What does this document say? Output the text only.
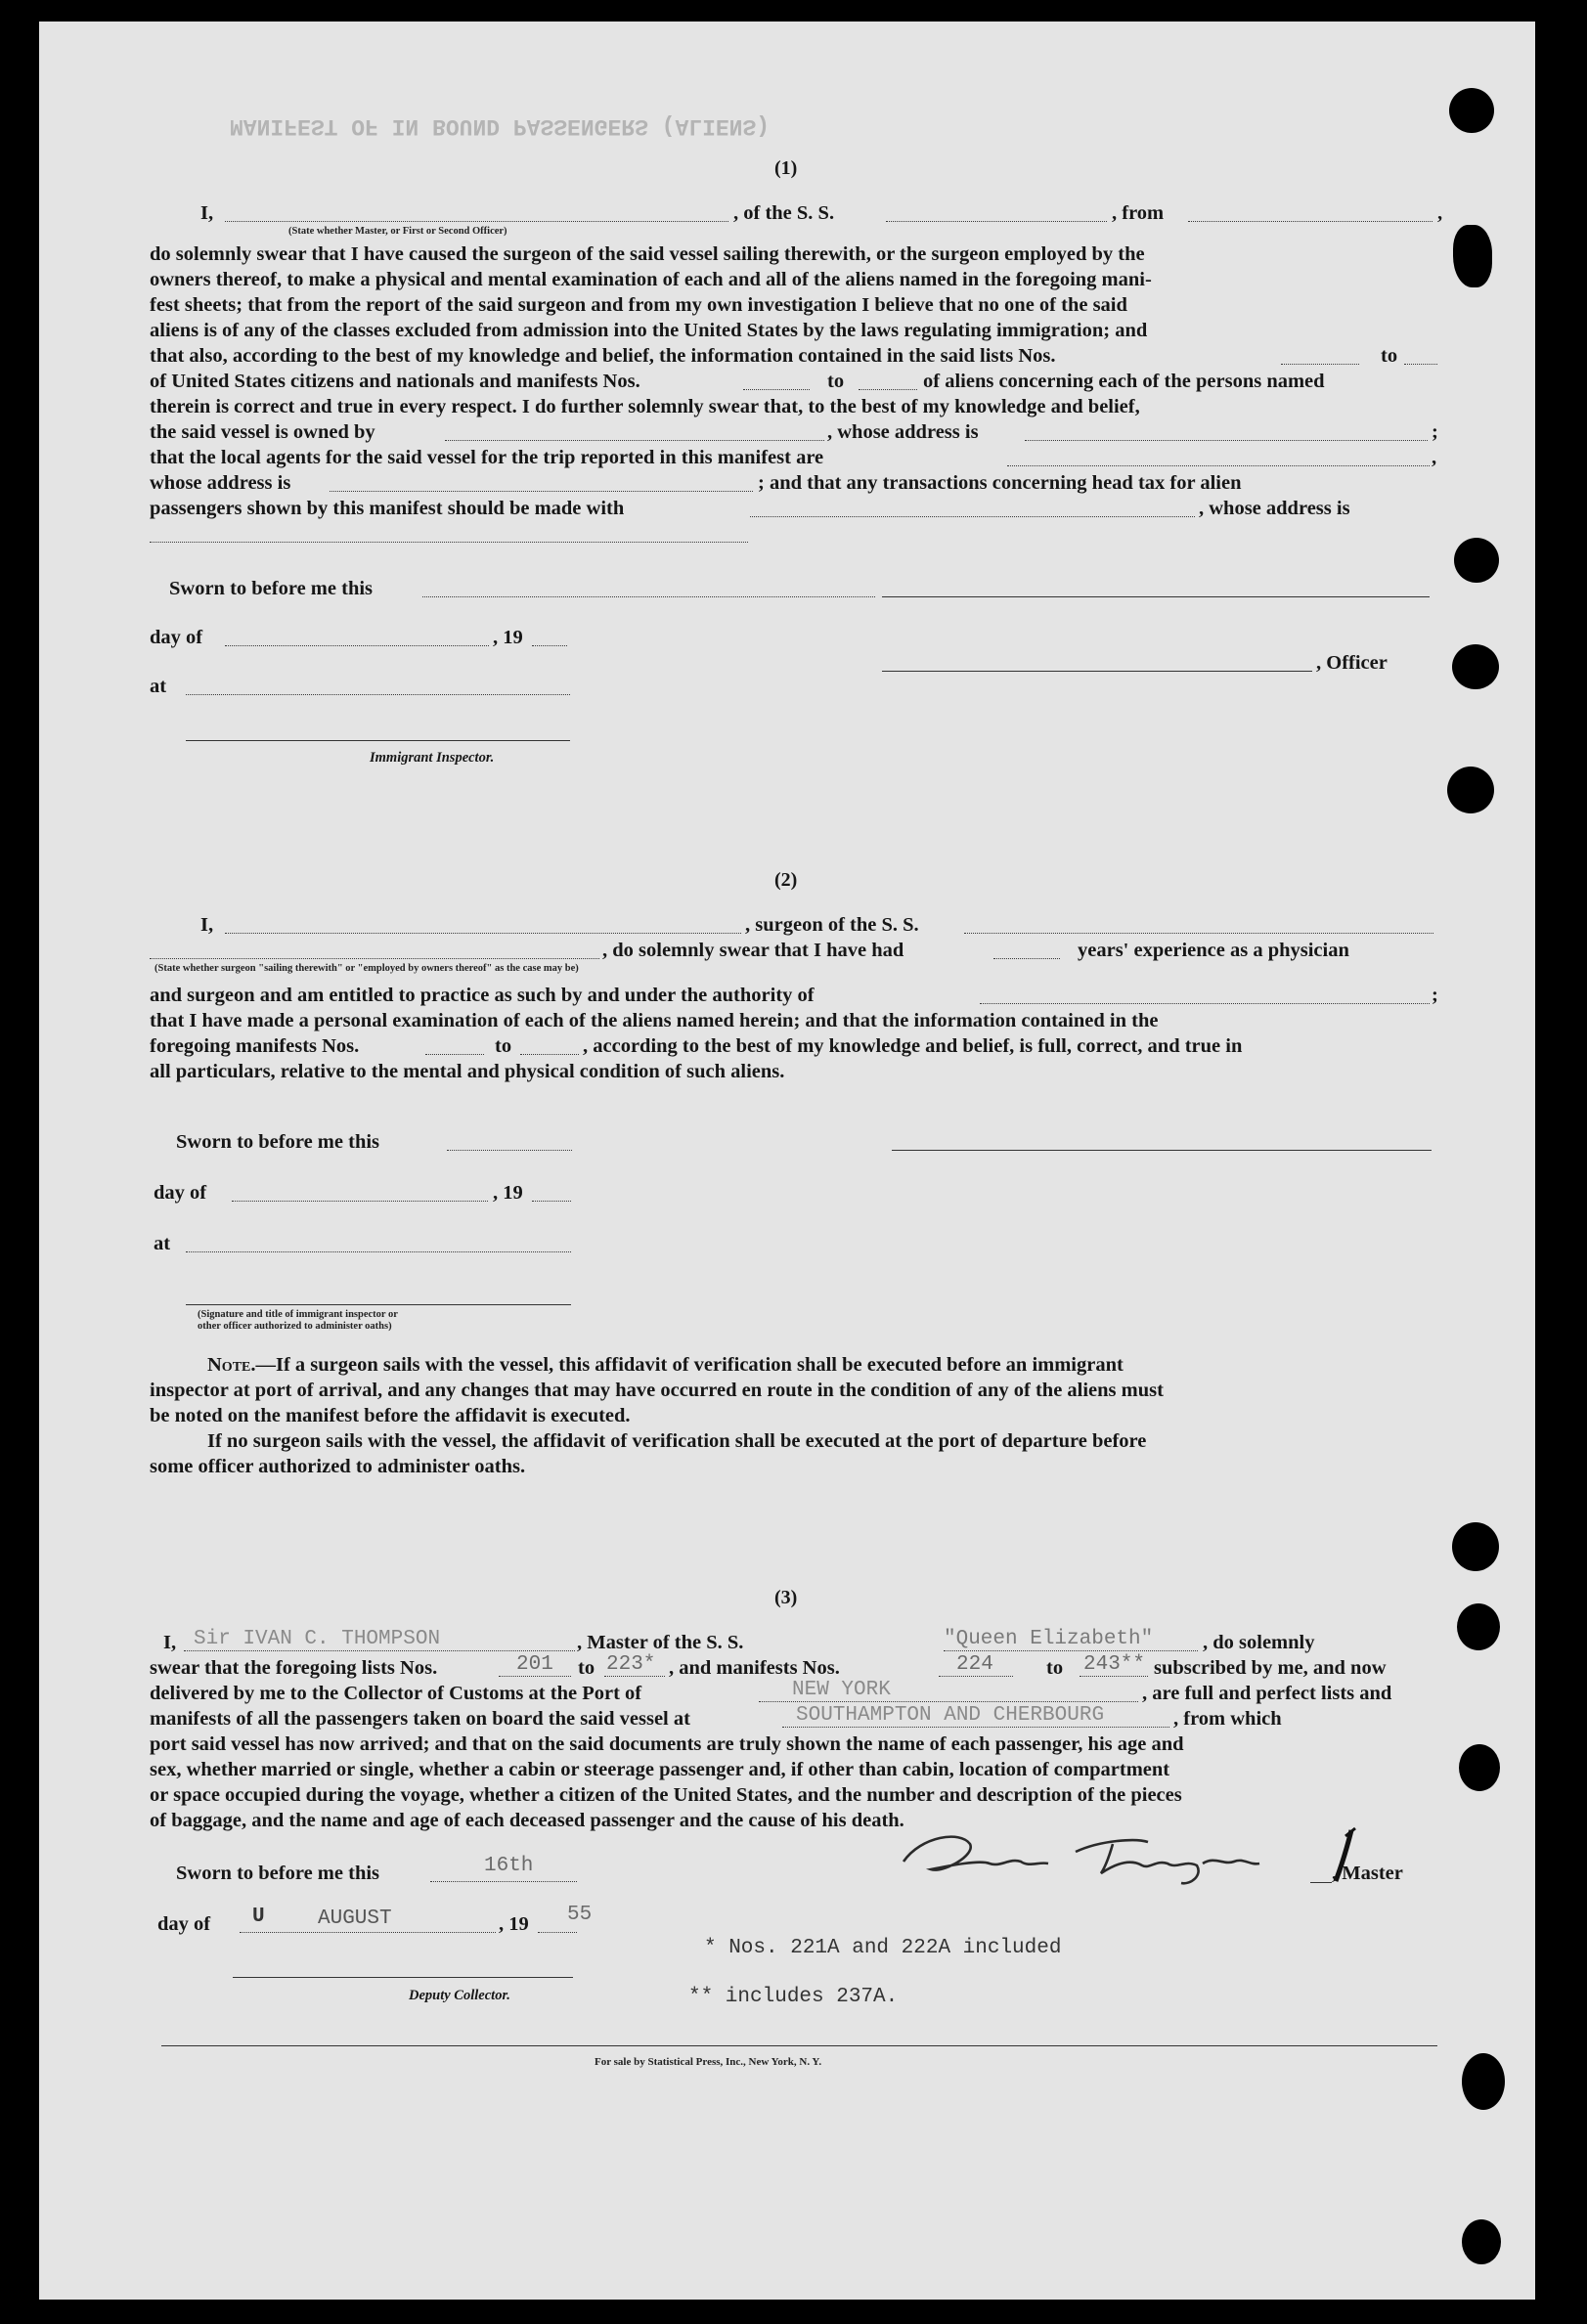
MANIFEST OF IN BOUND PASSENGERS (ALIENS)
(1)
I,	, of the S. S.	, from	,
(State whether Master, or First or Second Officer)
do solemnly swear that I have caused the surgeon of the said vessel sailing therewith, or the surgeon employed by the
owners thereof, to make a physical and mental examination of each and all of the aliens named in the foregoing mani-
fest sheets; that from the report of the said surgeon and from my own investigation I believe that no one of the said
aliens is of any of the classes excluded from admission into the United States by the laws regulating immigration; and
that also, according to the best of my knowledge and belief, the information contained in the said lists Nos.	to
of United States citizens and nationals and manifests Nos.	to	of aliens concerning each of the persons named
therein is correct and true in every respect. I do further solemnly swear that, to the best of my knowledge and belief,
the said vessel is owned by	, whose address is	;
that the local agents for the said vessel for the trip reported in this manifest are	,
whose address is	; and that any transactions concerning head tax for alien
passengers shown by this manifest should be made with	, whose address is
Sworn to before me this
day of	, 19
, Officer
at
Immigrant Inspector.
(2)
I,	, surgeon of the S. S.
, do solemnly swear that I have had	years' experience as a physician
(State whether surgeon "sailing therewith" or "employed by owners thereof" as the case may be)
and surgeon and am entitled to practice as such by and under the authority of	;
that I have made a personal examination of each of the aliens named herein; and that the information contained in the
foregoing manifests Nos.	to	, according to the best of my knowledge and belief, is full, correct, and true in
all particulars, relative to the mental and physical condition of such aliens.
Sworn to before me this
day of	, 19
at
(Signature and title of immigrant inspector or
other officer authorized to administer oaths)
Note.—If a surgeon sails with the vessel, this affidavit of verification shall be executed before an immigrant
inspector at port of arrival, and any changes that may have occurred en route in the condition of any of the aliens must
be noted on the manifest before the affidavit is executed.
If no surgeon sails with the vessel, the affidavit of verification shall be executed at the port of departure before
some officer authorized to administer oaths.
(3)
I, Sir IVAN C. THOMPSON	, Master of the S. S.	"Queen Elizabeth" , do solemnly
swear that the foregoing lists Nos.	201 to 223* , and manifests Nos.	224	to 243** subscribed by me, and now
delivered by me to the Collector of Customs at the Port of	NEW YORK	, are full and perfect lists and
manifests of all the passengers taken on board the said vessel at	SOUTHAMPTON AND CHERBOURG	, from which
port said vessel has now arrived; and that on the said documents are truly shown the name of each passenger, his age and
sex, whether married or single, whether a cabin or steerage passenger and, if other than cabin, location of compartment
or space occupied during the voyage, whether a citizen of the United States, and the number and description of the pieces
of baggage, and the name and age of each deceased passenger and the cause of his death.
Sworn to before me this	16th	, Master
day of U	AUGUST	, 19 55
* Nos. 221A and 222A included
Deputy Collector.	** includes 237A.
For sale by Statistical Press, Inc., New York, N. Y.
